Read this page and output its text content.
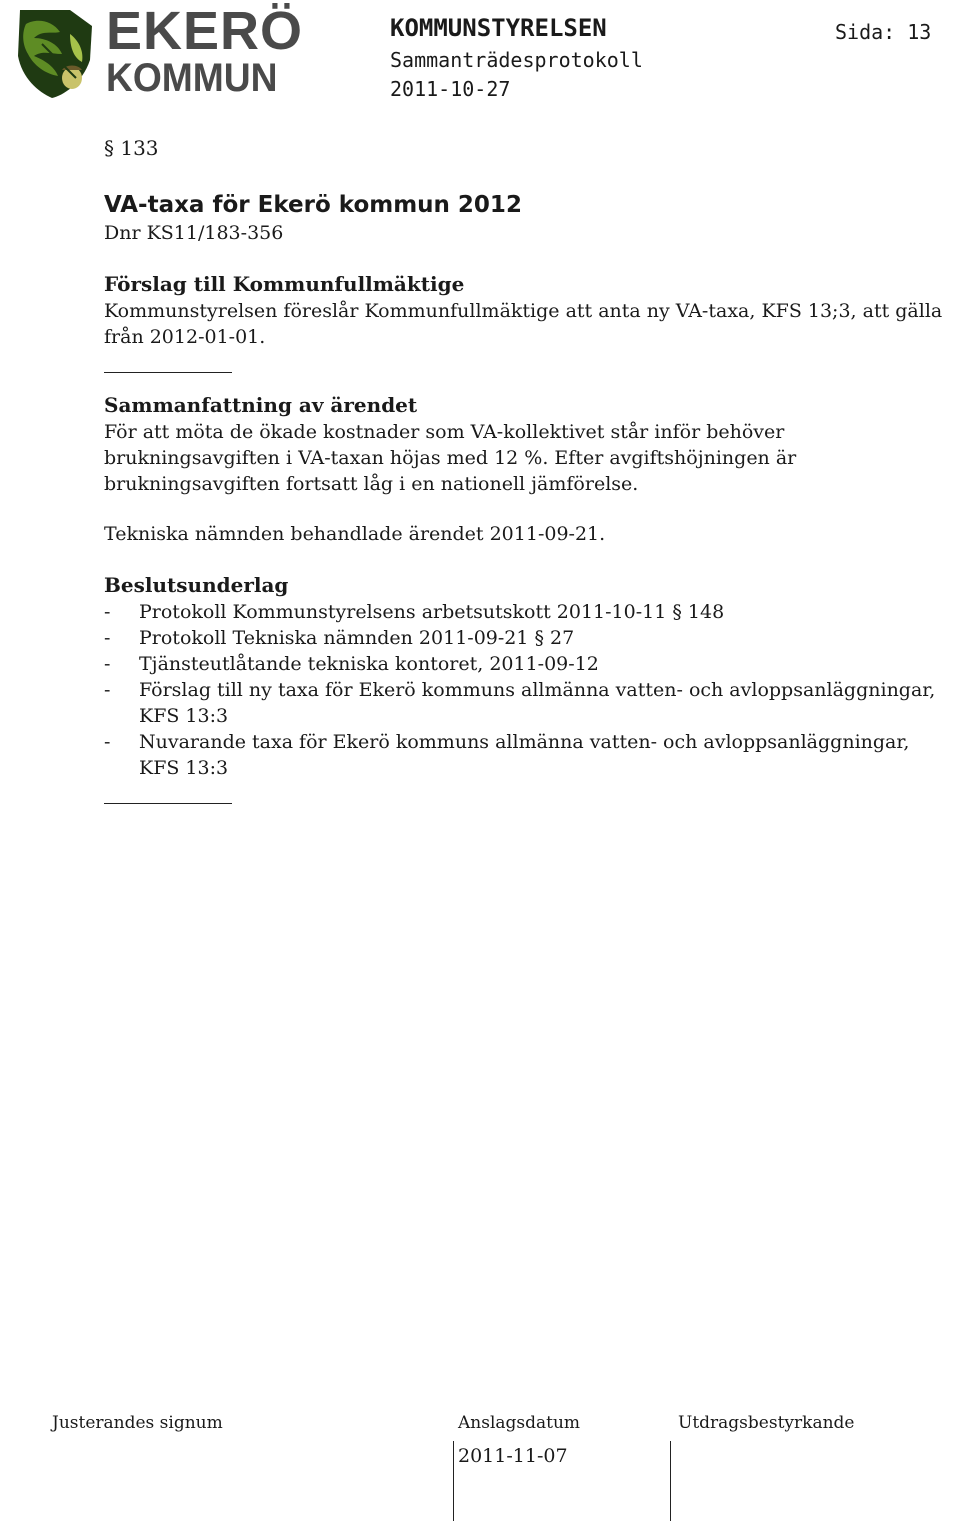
EKERÖ
KOMMUN
KOMMUNSTYRELSEN
Sammanträdesprotokoll
2011-10-27
Sida: 13
§ 133
VA-taxa för Ekerö kommun 2012

Dnr KS11/183-356

Förslag till Kommunfullmäktige

Kommunstyrelsen föreslår Kommunfullmäktige att anta ny VA-taxa, KFS 13;3, att gälla från 2012-01-01.

Sammanfattning av ärendet

För att möta de ökade kostnader som VA-kollektivet står inför behöver brukningsavgiften i VA-taxan höjas med 12 %. Efter avgiftshöjningen är brukningsavgiften fortsatt låg i en nationell jämförelse.

Tekniska nämnden behandlade ärendet 2011-09-21.

Beslutsunderlag

- Protokoll Kommunstyrelsens arbetsutskott 2011-10-11 § 148
- Protokoll Tekniska nämnden 2011-09-21 § 27
- Tjänsteutlåtande tekniska kontoret, 2011-09-12
- Förslag till ny taxa för Ekerö kommuns allmänna vatten- och avloppsanläggningar, KFS 13:3
- Nuvarande taxa för Ekerö kommuns allmänna vatten- och avloppsanläggningar, KFS 13:3
Justerandes signum	Anslagsdatum	Utdragsbestyrkande
2011-11-07
